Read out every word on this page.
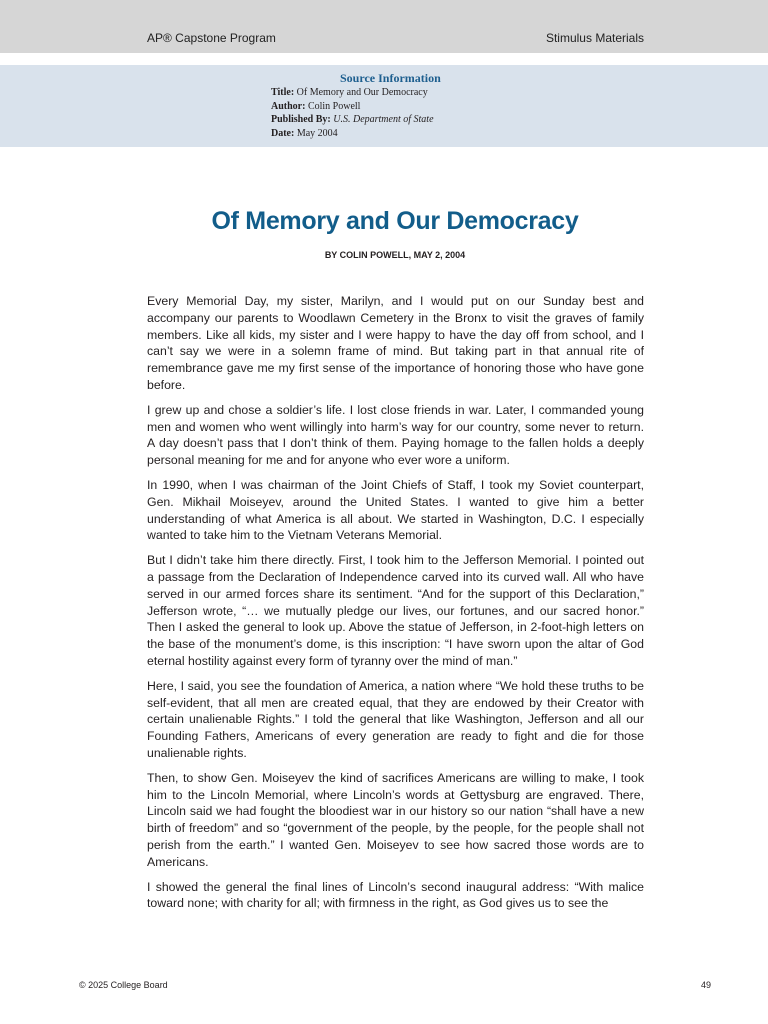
AP® Capstone Program	Stimulus Materials
Source Information
Title: Of Memory and Our Democracy
Author: Colin Powell
Published By: U.S. Department of State
Date: May 2004
Of Memory and Our Democracy
BY COLIN POWELL, MAY 2, 2004

Every Memorial Day, my sister, Marilyn, and I would put on our Sunday best and accompany our parents to Woodlawn Cemetery in the Bronx to visit the graves of family members. Like all kids, my sister and I were happy to have the day off from school, and I can’t say we were in a solemn frame of mind. But taking part in that annual rite of remembrance gave me my first sense of the importance of honoring those who have gone before.

I grew up and chose a soldier’s life. I lost close friends in war. Later, I commanded young men and women who went willingly into harm’s way for our country, some never to return. A day doesn’t pass that I don’t think of them. Paying homage to the fallen holds a deeply personal meaning for me and for anyone who ever wore a uniform.

In 1990, when I was chairman of the Joint Chiefs of Staff, I took my Soviet counterpart, Gen. Mikhail Moiseyev, around the United States. I wanted to give him a better understanding of what America is all about. We started in Washington, D.C. I especially wanted to take him to the Vietnam Veterans Memorial.

But I didn’t take him there directly. First, I took him to the Jefferson Memorial. I pointed out a passage from the Declaration of Independence carved into its curved wall. All who have served in our armed forces share its sentiment. “And for the support of this Declaration,” Jefferson wrote, “… we mutually pledge our lives, our fortunes, and our sacred honor.” Then I asked the general to look up. Above the statue of Jefferson, in 2-foot-high letters on the base of the monument’s dome, is this inscription: “I have sworn upon the altar of God eternal hostility against every form of tyranny over the mind of man.”

Here, I said, you see the foundation of America, a nation where “We hold these truths to be self-evident, that all men are created equal, that they are endowed by their Creator with certain unalienable Rights.” I told the general that like Washington, Jefferson and all our Founding Fathers, Americans of every generation are ready to fight and die for those unalienable rights.

Then, to show Gen. Moiseyev the kind of sacrifices Americans are willing to make, I took him to the Lincoln Memorial, where Lincoln’s words at Gettysburg are engraved. There, Lincoln said we had fought the bloodiest war in our history so our nation “shall have a new birth of freedom” and so “government of the people, by the people, for the people shall not perish from the earth.” I wanted Gen. Moiseyev to see how sacred those words are to Americans.

I showed the general the final lines of Lincoln’s second inaugural address: “With malice toward none; with charity for all; with firmness in the right, as God gives us to see the

© 2025 College Board	49
